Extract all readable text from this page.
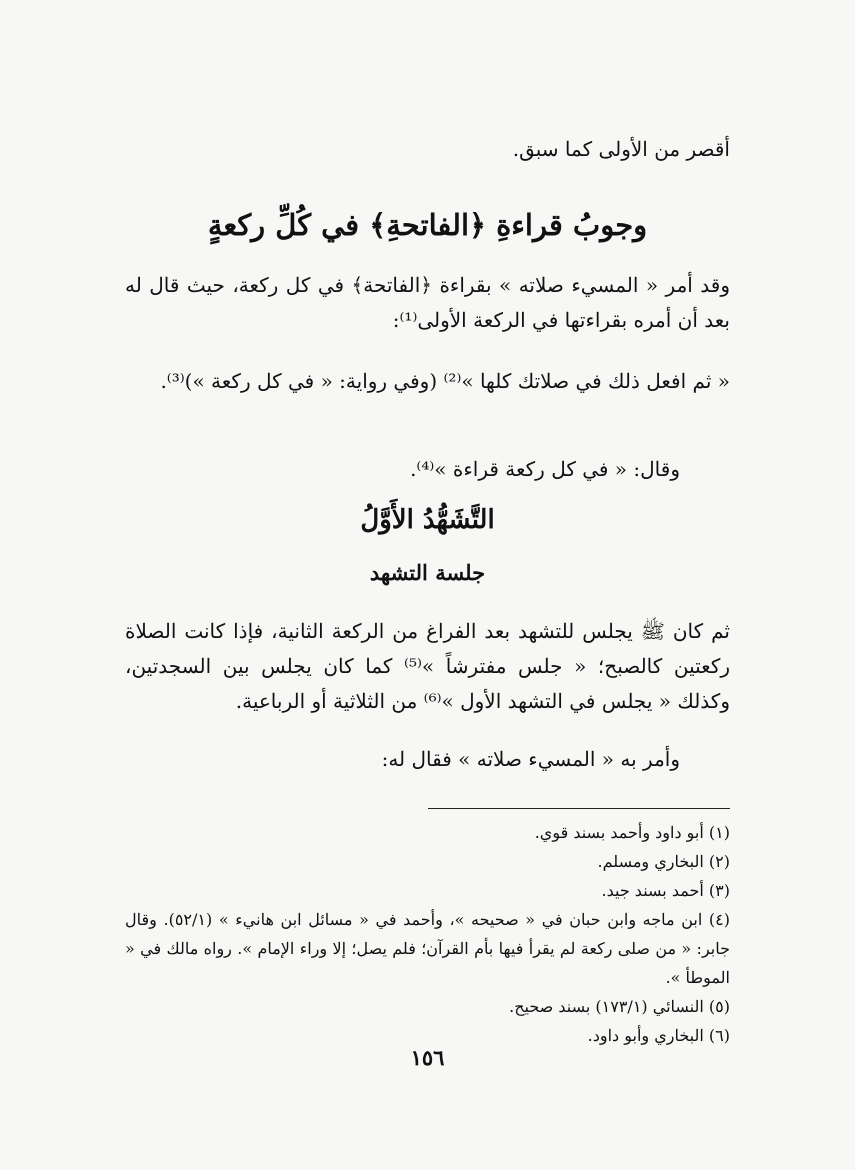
أقصر من الأولى كما سبق.
وجوبُ قراءةِ ﴿الفاتحةِ﴾ في كُلِّ ركعةٍ
وقد أمر « المسيء صلاته » بقراءة ﴿الفاتحة﴾ في كل ركعة، حيث قال له بعد أن أمره بقراءتها في الركعة الأولى⁽¹⁾:
« ثم افعل ذلك في صلاتك كلها »⁽²⁾ (وفي رواية: « في كل ركعة »)⁽³⁾.
وقال: « في كل ركعة قراءة »⁽⁴⁾.
التَّشَهُّدُ الأَوَّلُ
جلسة التشهد
ثم كان ﷺ يجلس للتشهد بعد الفراغ من الركعة الثانية، فإذا كانت الصلاة ركعتين كالصبح؛ « جلس مفترشاً »⁽⁵⁾ كما كان يجلس بين السجدتين، وكذلك « يجلس في التشهد الأول »⁽⁶⁾ من الثلاثية أو الرباعية.
وأمر به « المسيء صلاته » فقال له:
(١) أبو داود وأحمد بسند قوي.
(٢) البخاري ومسلم.
(٣) أحمد بسند جيد.
(٤) ابن ماجه وابن حبان في « صحيحه »، وأحمد في « مسائل ابن هانيء » (٥٢/١). وقال جابر: « من صلى ركعة لم يقرأ فيها بأم القرآن؛ فلم يصل؛ إلا وراء الإمام ». رواه مالك في « الموطأ ».
(٥) النسائي (١٧٣/١) بسند صحيح.
(٦) البخاري وأبو داود.
١٥٦
